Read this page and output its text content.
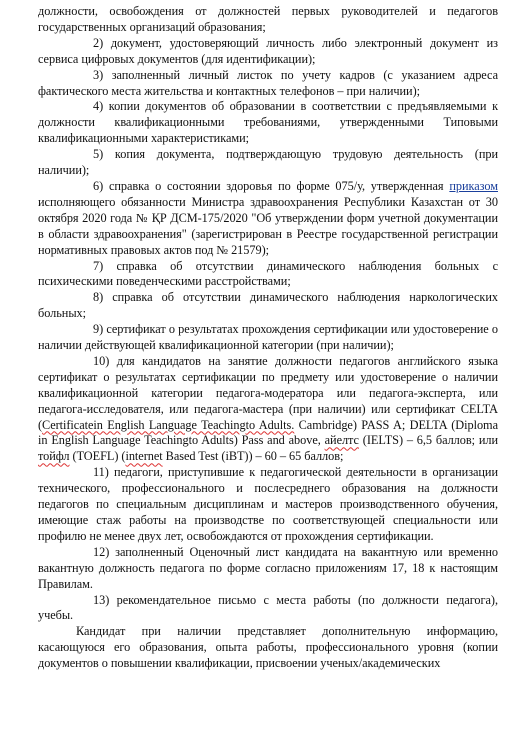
должности, освобождения от должностей первых руководителей и педагогов государственных организаций образования;

2) документ, удостоверяющий личность либо электронный документ из сервиса цифровых документов (для идентификации);

3) заполненный личный листок по учету кадров (с указанием адреса фактического места жительства и контактных телефонов – при наличии);

4) копии документов об образовании в соответствии с предъявляемыми к должности квалификационными требованиями, утвержденными Типовыми квалификационными характеристиками;

5) копия документа, подтверждающую трудовую деятельность (при наличии);

6) справка о состоянии здоровья по форме 075/у, утвержденная приказом исполняющего обязанности Министра здравоохранения Республики Казахстан от 30 октября 2020 года № ҚР ДСМ-175/2020 "Об утверждении форм учетной документации в области здравоохранения" (зарегистрирован в Реестре государственной регистрации нормативных правовых актов под № 21579);

7) справка об отсутствии динамического наблюдения больных с психическими поведенческими расстройствами;

8) справка об отсутствии динамического наблюдения наркологических больных;

9) сертификат о результатах прохождения сертификации или удостоверение о наличии действующей квалификационной категории (при наличии);

10) для кандидатов на занятие должности педагогов английского языка сертификат о результатах сертификации по предмету или удостоверение о наличии квалификационной категории педагога-модератора или педагога-эксперта, или педагога-исследователя, или педагога-мастера (при наличии) или сертификат CELTA (Certificatein English Language Teachingto Adults. Cambridge) PASS A; DELTA (Diploma in English Language Teachingto Adults) Pass and above, айелтс (IELTS) – 6,5 баллов; или тойфл (TOEFL) (internet Based Test (iBT)) – 60 – 65 баллов;

11) педагоги, приступившие к педагогической деятельности в организации технического, профессионального и послесреднего образования на должности педагогов по специальным дисциплинам и мастеров производственного обучения, имеющие стаж работы на производстве по соответствующей специальности или профилю не менее двух лет, освобождаются от прохождения сертификации.

12) заполненный Оценочный лист кандидата на вакантную или временно вакантную должность педагога по форме согласно приложениям 17, 18 к настоящим Правилам.

13) рекомендательное письмо с места работы (по должности педагога), учебы.

Кандидат при наличии представляет дополнительную информацию, касающуюся его образования, опыта работы, профессионального уровня (копии документов о повышении квалификации, присвоении ученых/академических
